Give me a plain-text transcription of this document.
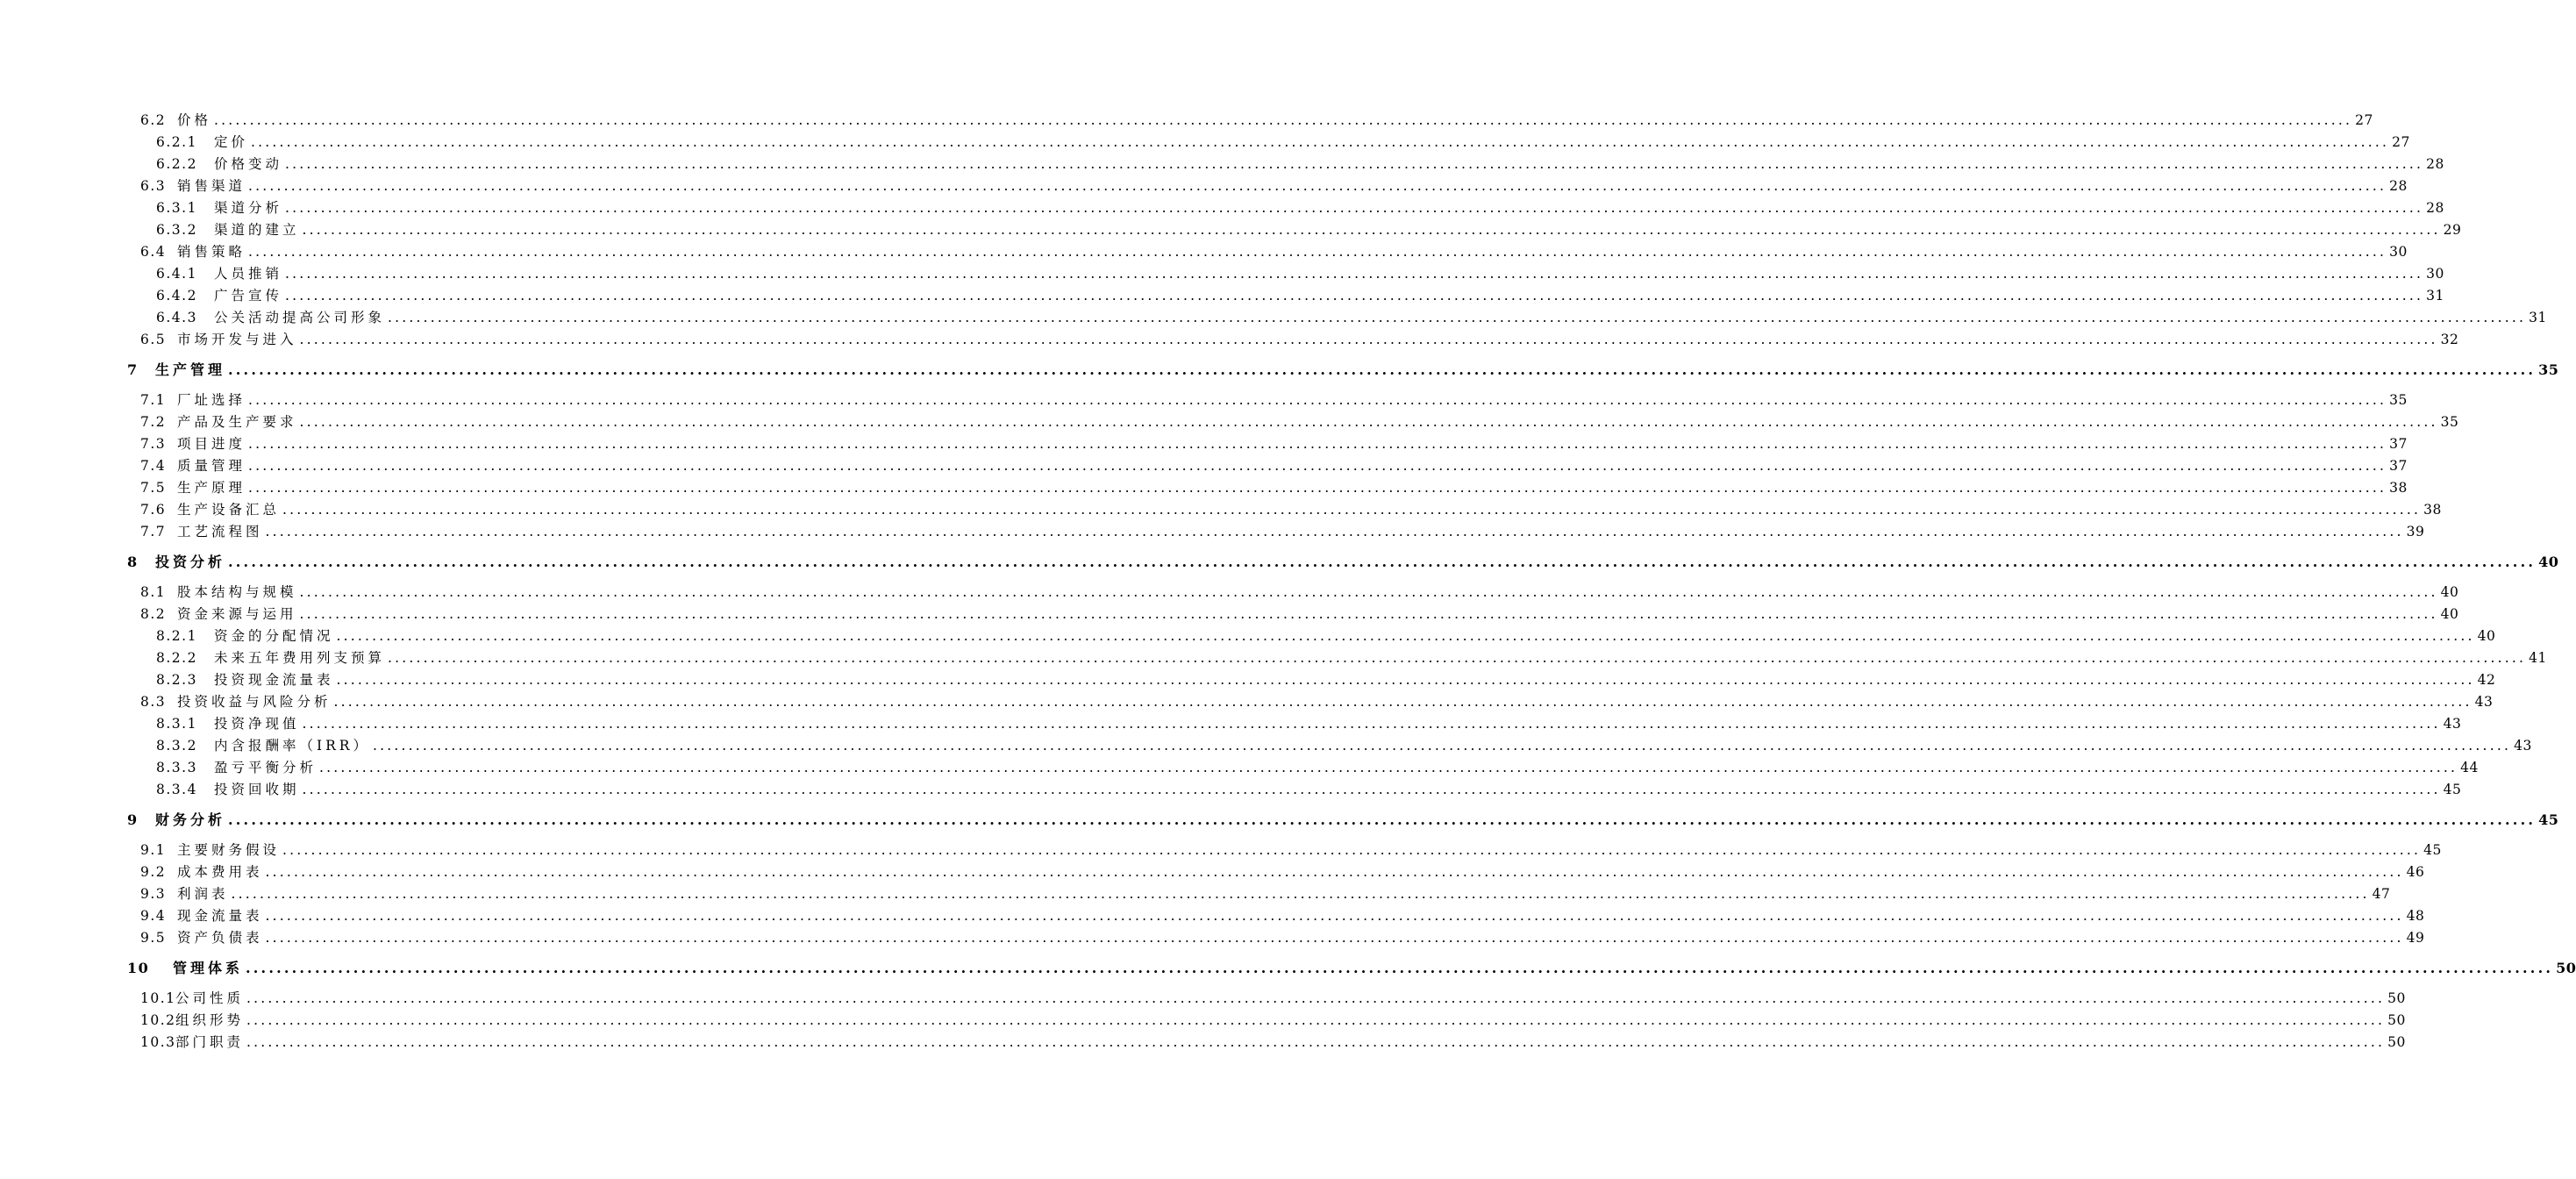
6.2 价格 ............................................................................................................................................................................................................................................................................................................ 27
6.2.1	定价 ............................................................................................................................................................................................................................................................................................................ 27
6.2.2	价格变动 ............................................................................................................................................................................................................................................................................................................ 28
6.3 销售渠道 ............................................................................................................................................................................................................................................................................................................ 28
6.3.1	渠道分析 ............................................................................................................................................................................................................................................................................................................ 28
6.3.2	渠道的建立 ............................................................................................................................................................................................................................................................................................................ 29
6.4 销售策略 ............................................................................................................................................................................................................................................................................................................ 30
6.4.1	人员推销 ............................................................................................................................................................................................................................................................................................................ 30
6.4.2	广告宣传 ............................................................................................................................................................................................................................................................................................................ 31
6.4.3	公关活动提高公司形象 ............................................................................................................................................................................................................................................................................................................ 31
6.5 市场开发与进入 ............................................................................................................................................................................................................................................................................................................ 32
7	生产管理 ............................................................................................................................................................................................................................................................................................................ 35
7.1 厂址选择 ............................................................................................................................................................................................................................................................................................................ 35
7.2 产品及生产要求 ............................................................................................................................................................................................................................................................................................................ 35
7.3 项目进度 ............................................................................................................................................................................................................................................................................................................ 37
7.4 质量管理 ............................................................................................................................................................................................................................................................................................................ 37
7.5 生产原理 ............................................................................................................................................................................................................................................................................................................ 38
7.6 生产设备汇总 ............................................................................................................................................................................................................................................................................................................ 38
7.7 工艺流程图 ............................................................................................................................................................................................................................................................................................................ 39
8	投资分析 ............................................................................................................................................................................................................................................................................................................ 40
8.1 股本结构与规模 ............................................................................................................................................................................................................................................................................................................ 40
8.2 资金来源与运用 ............................................................................................................................................................................................................................................................................................................ 40
8.2.1	资金的分配情况 ............................................................................................................................................................................................................................................................................................................ 40
8.2.2	未来五年费用列支预算 ............................................................................................................................................................................................................................................................................................................ 41
8.2.3	投资现金流量表 ............................................................................................................................................................................................................................................................................................................ 42
8.3 投资收益与风险分析 ............................................................................................................................................................................................................................................................................................................ 43
8.3.1	投资净现值 ............................................................................................................................................................................................................................................................................................................ 43
8.3.2	内含报酬率（IRR） ............................................................................................................................................................................................................................................................................................................ 43
8.3.3	盈亏平衡分析 ............................................................................................................................................................................................................................................................................................................ 44
8.3.4	投资回收期 ............................................................................................................................................................................................................................................................................................................ 45
9	财务分析 ............................................................................................................................................................................................................................................................................................................ 45
9.1 主要财务假设 ............................................................................................................................................................................................................................................................................................................ 45
9.2 成本费用表 ............................................................................................................................................................................................................................................................................................................ 46
9.3 利润表 ............................................................................................................................................................................................................................................................................................................ 47
9.4 现金流量表 ............................................................................................................................................................................................................................................................................................................ 48
9.5 资产负债表 ............................................................................................................................................................................................................................................................................................................ 49
10	管理体系 ............................................................................................................................................................................................................................................................................................................ 50
10.1 公司性质 ............................................................................................................................................................................................................................................................................................................ 50
10.2 组织形势 ............................................................................................................................................................................................................................................................................................................ 50
10.3 部门职责 ............................................................................................................................................................................................................................................................................................................ 50
